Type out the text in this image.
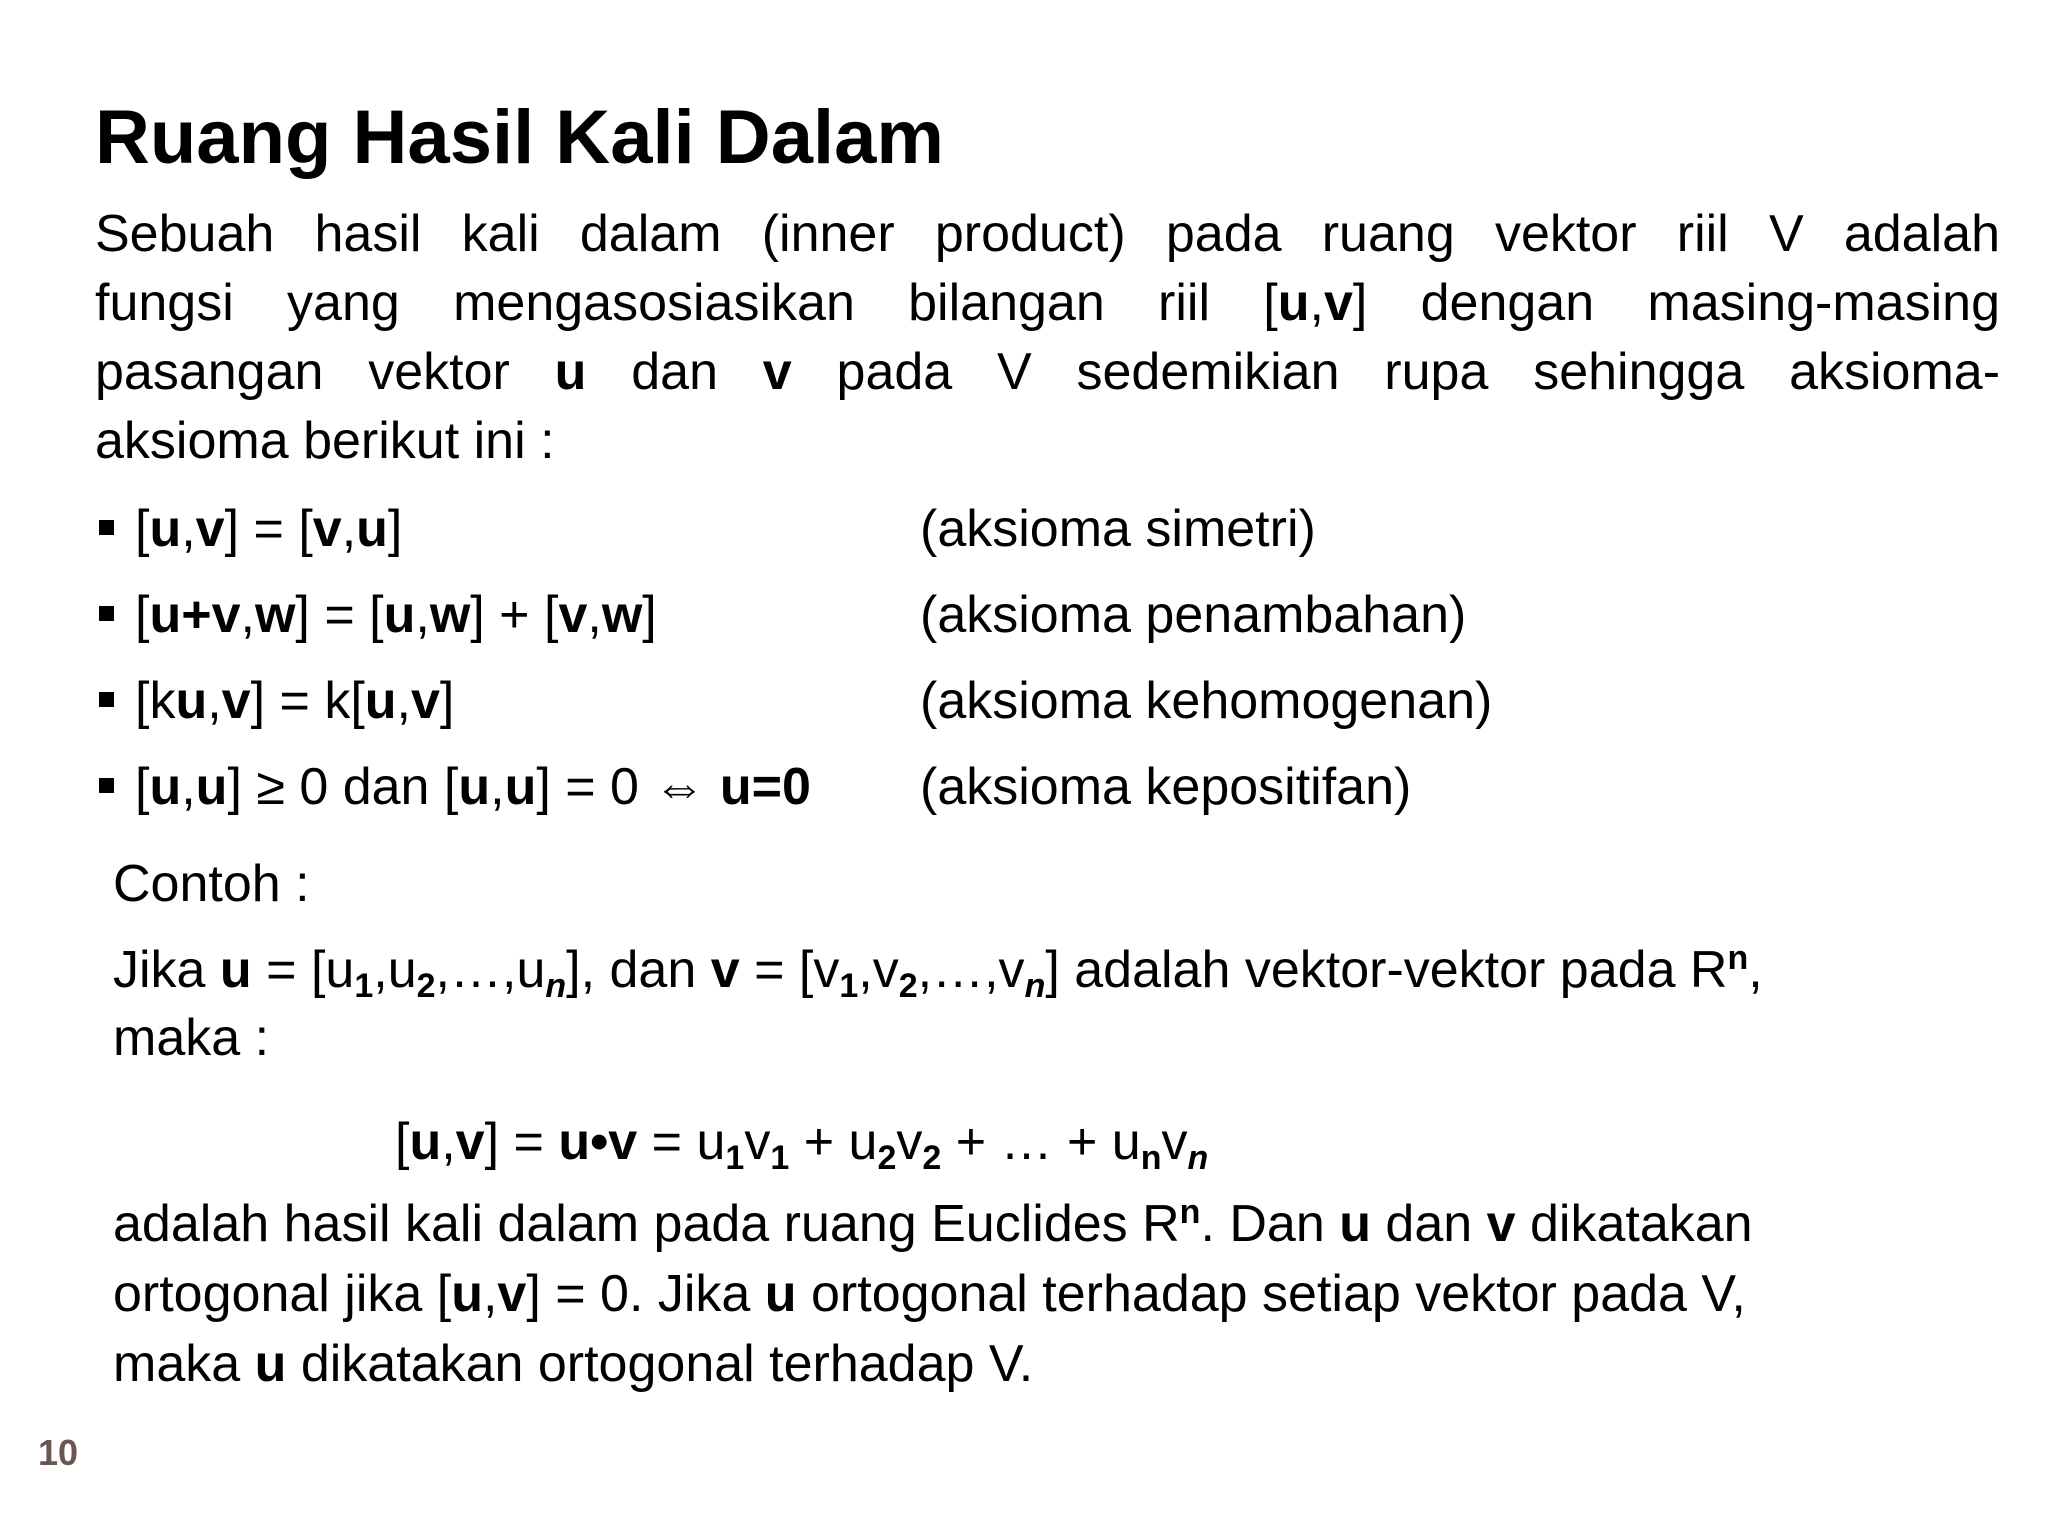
Ruang Hasil Kali Dalam
Sebuah hasil kali dalam (inner product) pada ruang vektor riil V adalah
fungsi yang mengasosiasikan bilangan riil [u,v] dengan masing-masing
pasangan vektor u dan v pada V sedemikian rupa sehingga aksioma-
aksioma berikut ini :
[u,v] = [v,u]	(aksioma simetri)
[u+v,w] = [u,w] + [v,w]	(aksioma penambahan)
[ku,v] = k[u,v]	(aksioma kehomogenan)
[u,u] ≥ 0 dan [u,u] = 0 ⇔ u=0 (aksioma kepositifan)
Contoh :
Jika $u = [u_1,u_2,\dots,u_n]$, dan $v = [v_1,v_2,\dots,v_n]$ adalah vektor-vektor pada $R^n$,
maka :
[u,v] = u•v = $u_1v_1 + u_2v_2$ + … + $u_nv_n$
adalah hasil kali dalam pada ruang Euclides $R^n$. Dan u dan v dikatakan
ortogonal jika [u,v] = 0. Jika u ortogonal terhadap setiap vektor pada V,
maka u dikatakan ortogonal terhadap V.
10
